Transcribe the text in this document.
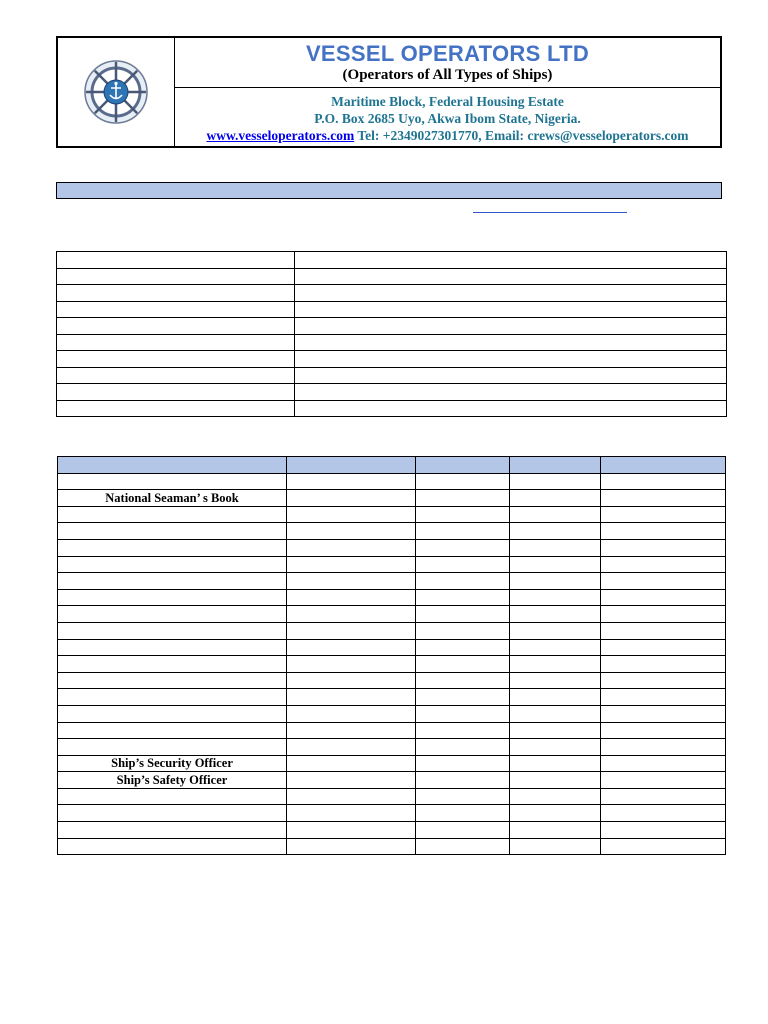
VESSEL OPERATORS LTD
(Operators of All Types of Ships)
Maritime Block, Federal Housing Estate
P.O. Box 2685 Uyo, Akwa Ibom State, Nigeria.
www.vesseloperators.com Tel: +2349027301770, Email: crews@vesseloperators.com

National Seaman’ s Book				

Ship’s Security Officer				
Ship’s Safety Officer				
